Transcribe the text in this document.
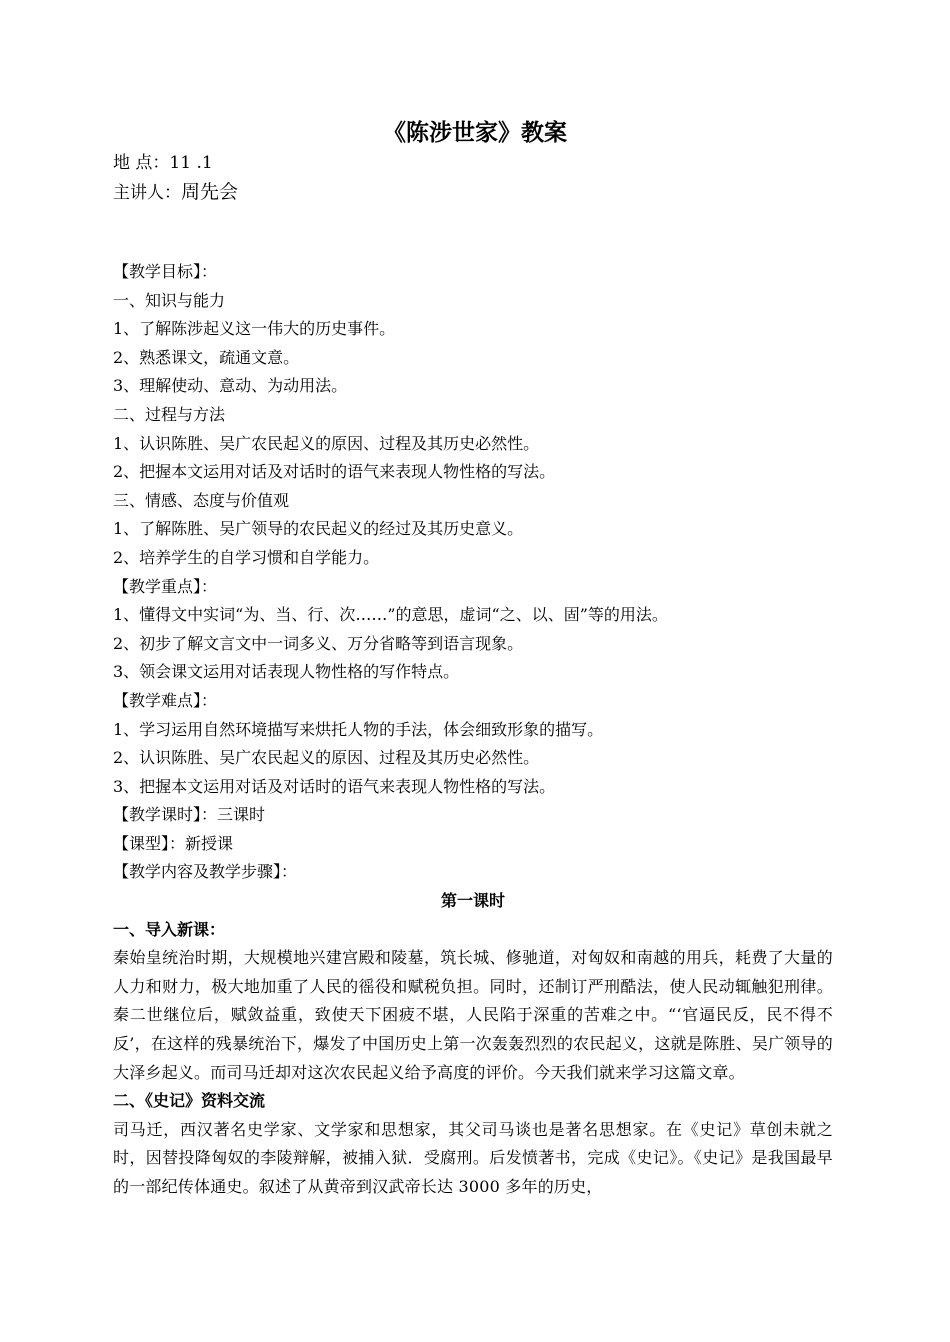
《陈涉世家》教案
地 点：11 .1
主讲人：周先会
【教学目标】：
一、知识与能力
1、了解陈涉起义这一伟大的历史事件。
2、熟悉课文，疏通文意。
3、理解使动、意动、为动用法。
二、过程与方法
1、认识陈胜、吴广农民起义的原因、过程及其历史必然性。
2、把握本文运用对话及对话时的语气来表现人物性格的写法。
三、情感、态度与价值观
1、了解陈胜、吴广领导的农民起义的经过及其历史意义。
2、培养学生的自学习惯和自学能力。
【教学重点】：
1、懂得文中实词“为、当、行、次……”的意思，虚词“之、以、固”等的用法。
2、初步了解文言文中一词多义、万分省略等到语言现象。
3、领会课文运用对话表现人物性格的写作特点。
【教学难点】：
1、学习运用自然环境描写来烘托人物的手法，体会细致形象的描写。
2、认识陈胜、吴广农民起义的原因、过程及其历史必然性。
3、把握本文运用对话及对话时的语气来表现人物性格的写法。
【教学课时】：三课时
【课型】：新授课
【教学内容及教学步骤】：
第一课时
一、导入新课：
秦始皇统治时期，大规模地兴建宫殿和陵墓，筑长城、修驰道，对匈奴和南越的用兵，耗费了大量的人力和财力，极大地加重了人民的徭役和赋税负担。同时，还制订严刑酷法，使人民动辄触犯刑律。秦二世继位后，赋敛益重，致使天下困疲不堪，人民陷于深重的苦难之中。“‘官逼民反，民不得不反’，在这样的残暴统治下，爆发了中国历史上第一次轰轰烈烈的农民起义，这就是陈胜、吴广领导的大泽乡起义。而司马迁却对这次农民起义给予高度的评价。今天我们就来学习这篇文章。
二、《史记》资料交流
司马迁，西汉著名史学家、文学家和思想家，其父司马谈也是著名思想家。在《史记》草创未就之时，因替投降匈奴的李陵辩解，被捕入狱．受腐刑。后发愤著书，完成《史记》。《史记》是我国最早的一部纪传体通史。叙述了从黄帝到汉武帝长达 3000 多年的历史，
